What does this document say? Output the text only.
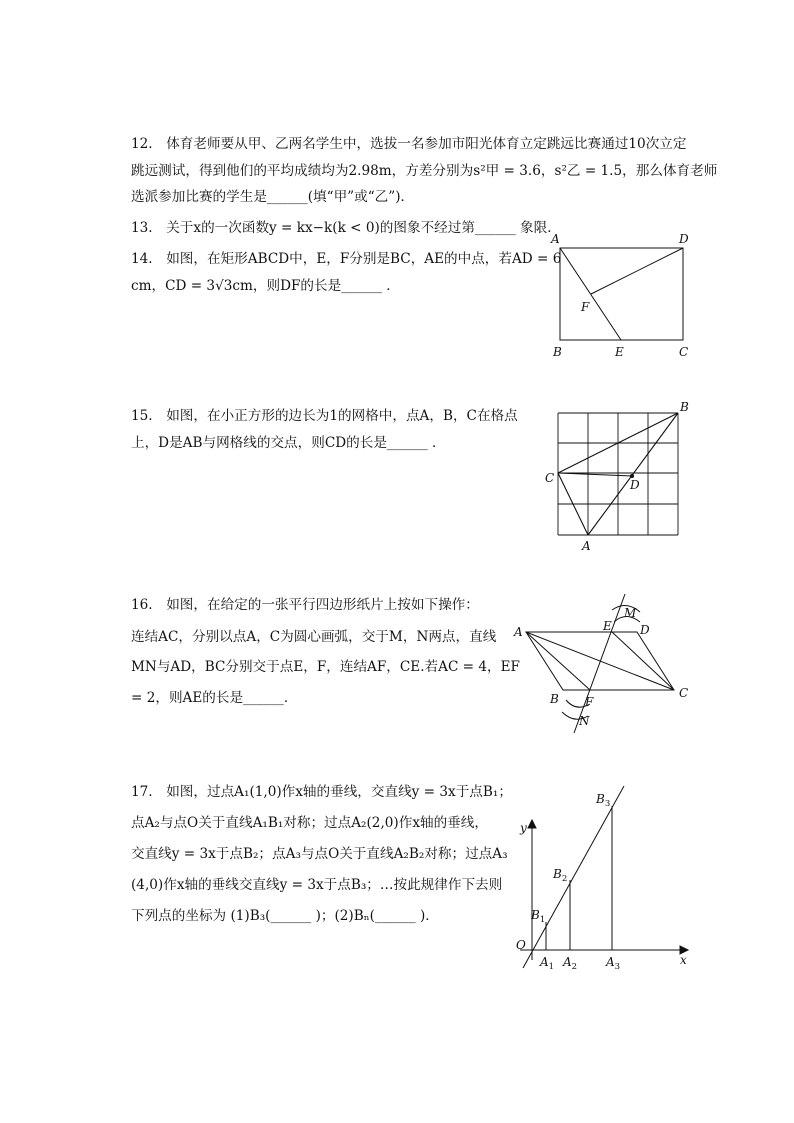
12.　体育老师要从甲、乙两名学生中，选拔一名参加市阳光体育立定跳远比赛通过10次立定
跳远测试，得到他们的平均成绩均为2.98m，方差分别为s²甲 = 3.6，s²乙 = 1.5，那么体育老师
选派参加比赛的学生是______(填“甲”或“乙”)．
13.　关于x的一次函数y = kx−k(k < 0)的图象不经过第______ 象限．
14.　如图，在矩形ABCD中，E，F分别是BC，AE的中点，若AD = 6
cm，CD = 3√3cm，则DF的长是______ ．
A	D
F
B	E	C
15.　如图，在小正方形的边长为1的网格中，点A，B，C在格点
上，D是AB与网格线的交点，则CD的长是______ ．
B
C	D
A
16.　如图，在给定的一张平行四边形纸片上按如下操作：
连结AC，分别以点A，C为圆心画弧，交于M，N两点，直线
MN与AD，BC分别交于点E，F，连结AF，CE.若AC = 4，EF
= 2，则AE的长是______．
M
A	E D
C
B F
N
17.　如图，过点A₁(1,0)作x轴的垂线，交直线y = 3x于点B₁；
点A₂与点O关于直线A₁B₁对称；过点A₂(2,0)作x轴的垂线，
交直线y = 3x于点B₂；点A₃与点O关于直线A₂B₂对称；过点A₃
(4,0)作x轴的垂线交直线y = 3x于点B₃；…按此规律作下去则
下列点的坐标为 (1)B₃(______ )；(2)Bₙ(______ )．
y
O
x
$B_3$
$B_2$
$B_1$
$A_1$ $A_2$ $A_3$
